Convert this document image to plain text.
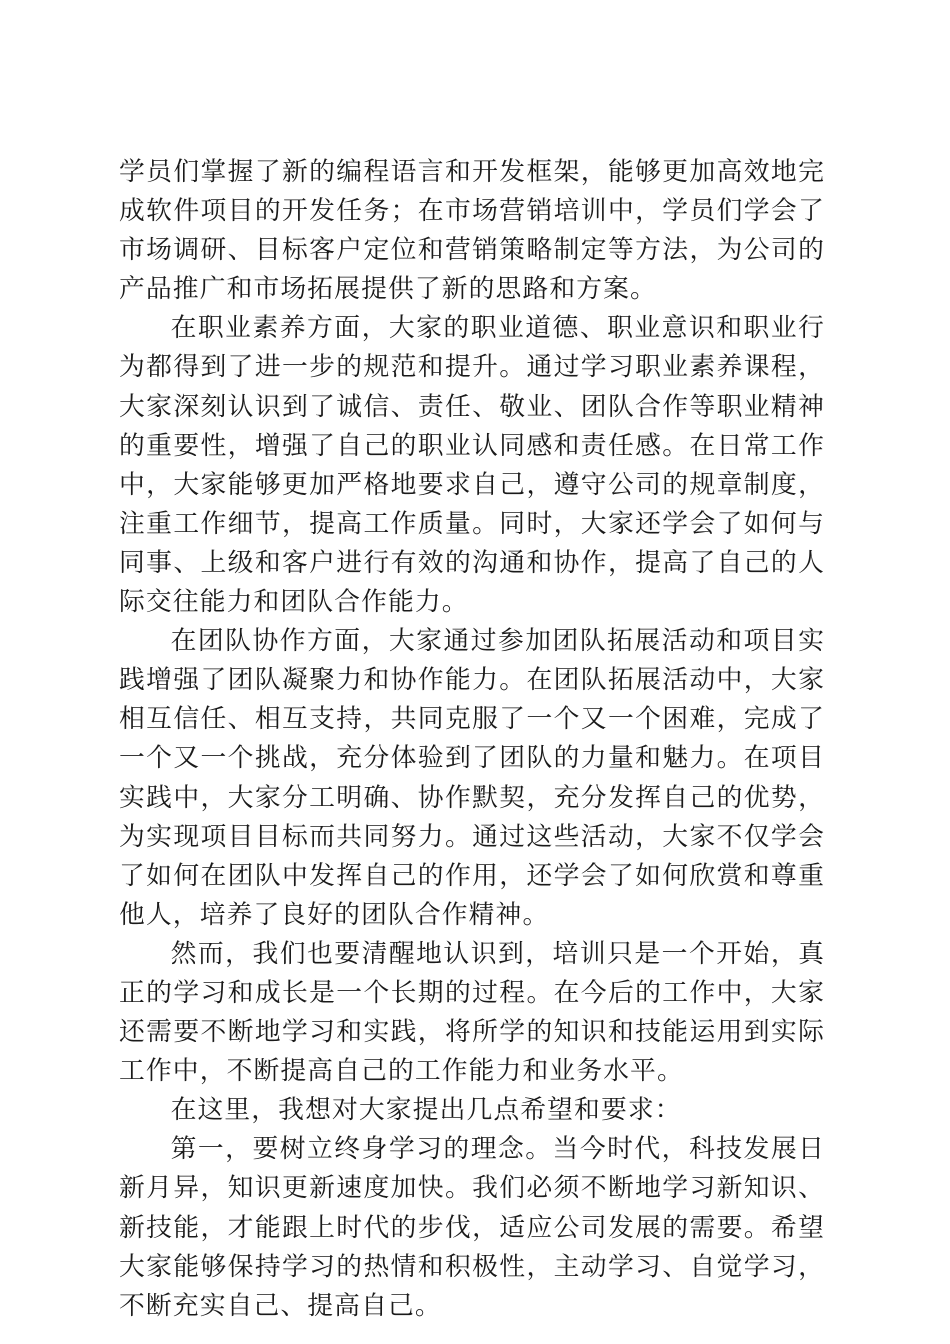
学员们掌握了新的编程语言和开发框架，能够更加高效地完成软件项目的开发任务；在市场营销培训中，学员们学会了市场调研、目标客户定位和营销策略制定等方法，为公司的产品推广和市场拓展提供了新的思路和方案。

在职业素养方面，大家的职业道德、职业意识和职业行为都得到了进一步的规范和提升。通过学习职业素养课程，大家深刻认识到了诚信、责任、敬业、团队合作等职业精神的重要性，增强了自己的职业认同感和责任感。在日常工作中，大家能够更加严格地要求自己，遵守公司的规章制度，注重工作细节，提高工作质量。同时，大家还学会了如何与同事、上级和客户进行有效的沟通和协作，提高了自己的人际交往能力和团队合作能力。

在团队协作方面，大家通过参加团队拓展活动和项目实践增强了团队凝聚力和协作能力。在团队拓展活动中，大家相互信任、相互支持，共同克服了一个又一个困难，完成了一个又一个挑战，充分体验到了团队的力量和魅力。在项目实践中，大家分工明确、协作默契，充分发挥自己的优势，为实现项目目标而共同努力。通过这些活动，大家不仅学会了如何在团队中发挥自己的作用，还学会了如何欣赏和尊重他人，培养了良好的团队合作精神。

然而，我们也要清醒地认识到，培训只是一个开始，真正的学习和成长是一个长期的过程。在今后的工作中，大家还需要不断地学习和实践，将所学的知识和技能运用到实际工作中，不断提高自己的工作能力和业务水平。

在这里，我想对大家提出几点希望和要求：

第一，要树立终身学习的理念。当今时代，科技发展日新月异，知识更新速度加快。我们必须不断地学习新知识、新技能，才能跟上时代的步伐，适应公司发展的需要。希望大家能够保持学习的热情和积极性，主动学习、自觉学习，不断充实自己、提高自己。
